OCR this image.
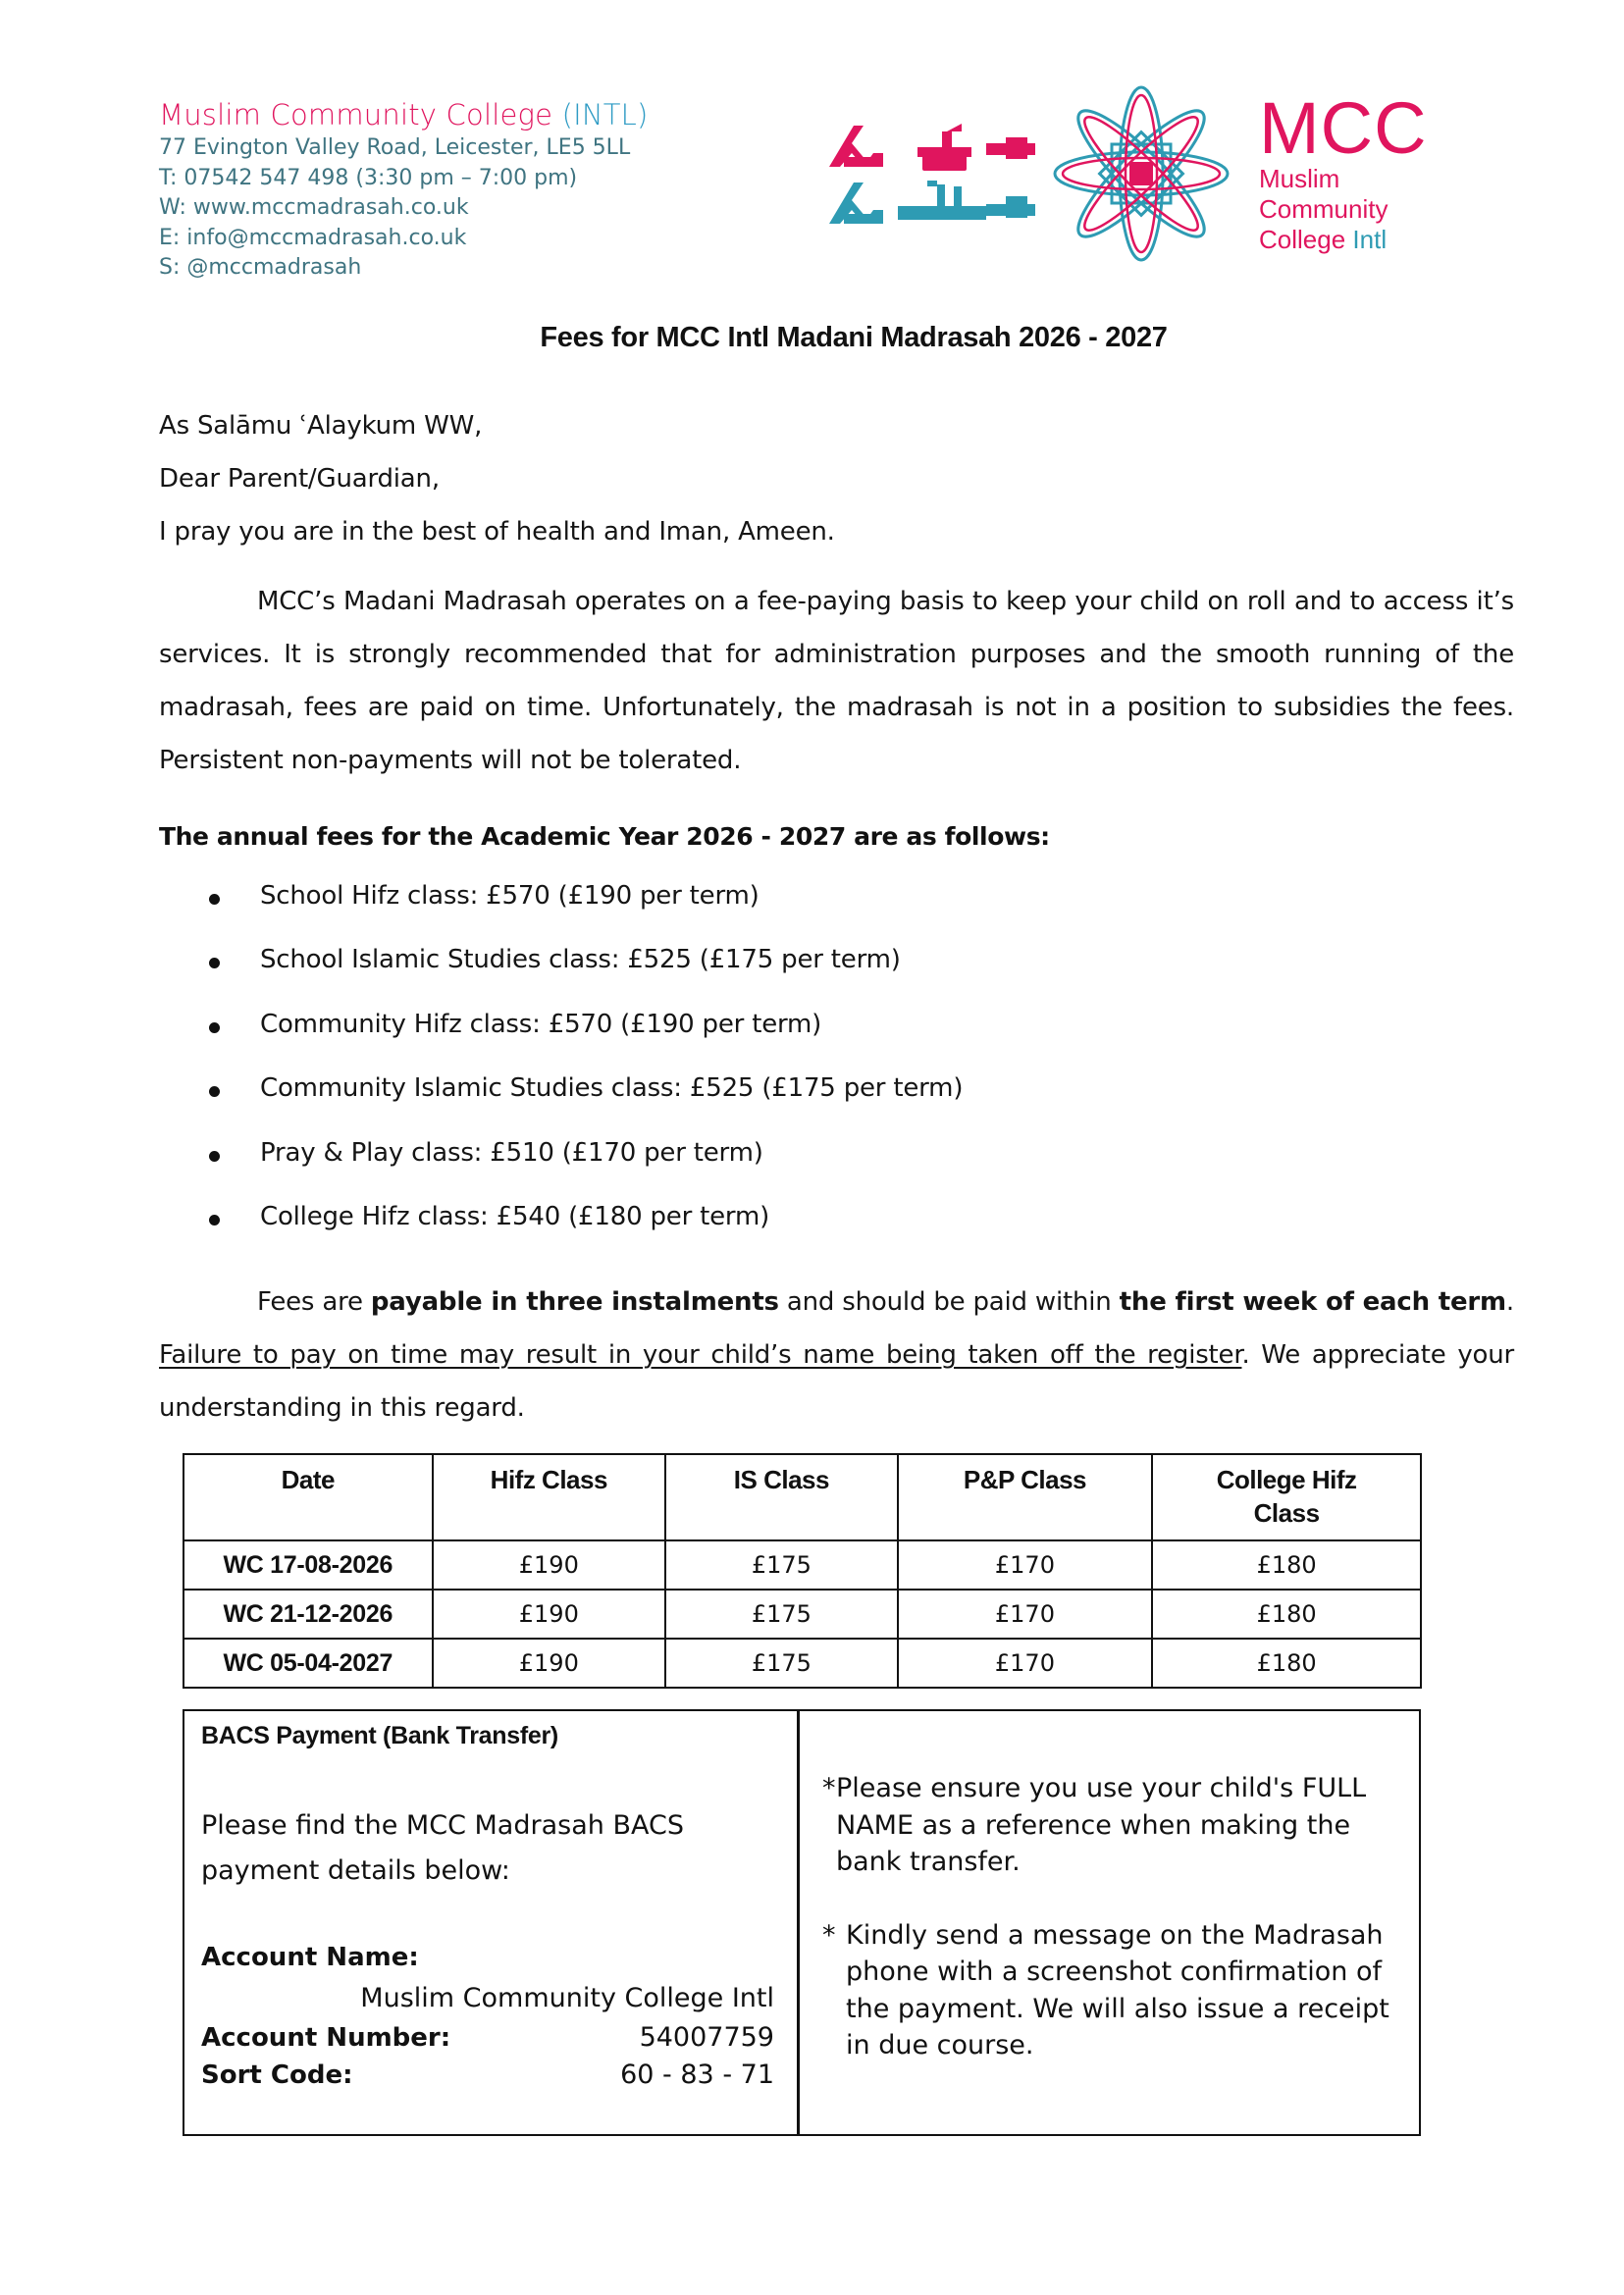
Muslim Community College (INTL)
77 Evington Valley Road, Leicester, LE5 5LL
T: 07542 547 498 (3:30 pm – 7:00 pm)
W: www.mccmadrasah.co.uk
E: info@mccmadrasah.co.uk
S: @mccmadrasah
MCC
Muslim
Community
College Intl
Fees for MCC Intl Madani Madrasah 2026 - 2027
As Salāmu ʿAlaykum WW,
Dear Parent/Guardian,
I pray you are in the best of health and Iman, Ameen.
MCC’s Madani Madrasah operates on a fee-paying basis to keep your child on roll and to access it’s services. It is strongly recommended that for administration purposes and the smooth running of the madrasah, fees are paid on time. Unfortunately, the madrasah is not in a position to subsidies the fees. Persistent non-payments will not be tolerated.
The annual fees for the Academic Year 2026 - 2027 are as follows:
School Hifz class: £570 (£190 per term)
School Islamic Studies class: £525 (£175 per term)
Community Hifz class: £570 (£190 per term)
Community Islamic Studies class: £525 (£175 per term)
Pray & Play class: £510 (£170 per term)
College Hifz class: £540 (£180 per term)
Fees are payable in three instalments and should be paid within the first week of each term. Failure to pay on time may result in your child’s name being taken off the register. We appreciate your understanding in this regard.
Date	Hifz Class	IS Class	P&P Class	College Hifz Class
WC 17-08-2026	£190	£175	£170	£180
WC 21-12-2026	£190	£175	£170	£180
WC 05-04-2027	£190	£175	£170	£180
BACS Payment (Bank Transfer)
Please find the MCC Madrasah BACS payment details below:
Account Name:
Muslim Community College Intl
Account Number:	54007759
Sort Code:	60 - 83 - 71
* Please ensure you use your child's FULL NAME as a reference when making the bank transfer.
* Kindly send a message on the Madrasah phone with a screenshot confirmation of the payment. We will also issue a receipt in due course.
